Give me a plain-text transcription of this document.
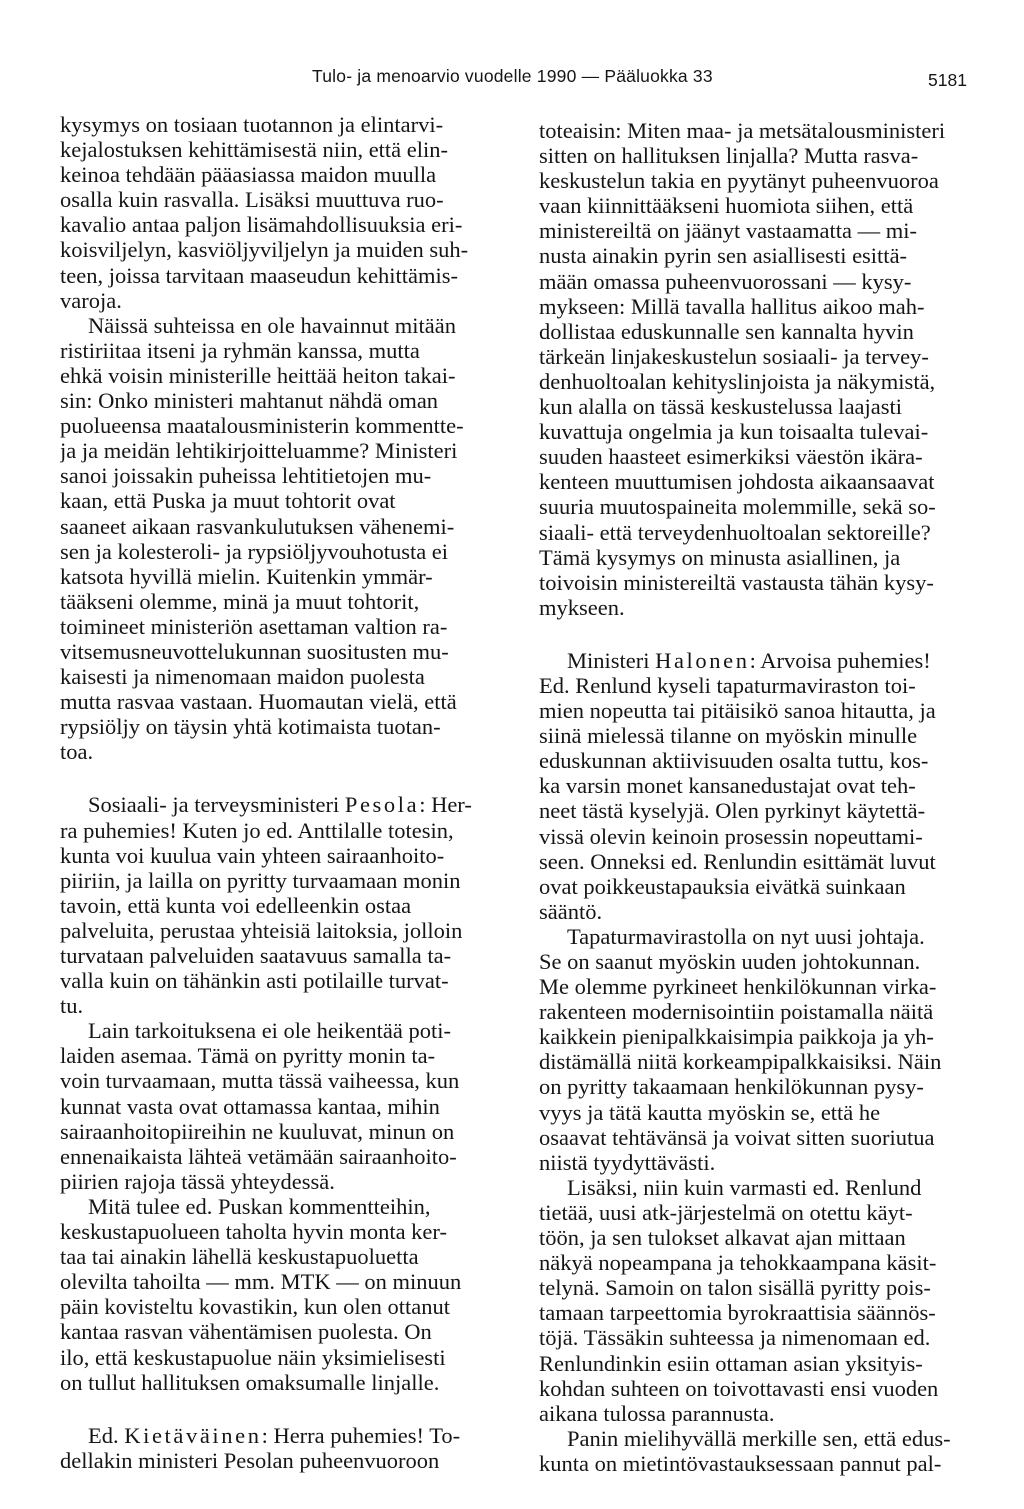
Tulo- ja menoarvio vuodelle 1990 — Pääluokka 33	5181
kysymys on tosiaan tuotannon ja elintarvi-
kejalostuksen kehittämisestä niin, että elin-
keinoa tehdään pääasiassa maidon muulla
osalla kuin rasvalla. Lisäksi muuttuva ruo-
kavalio antaa paljon lisämahdollisuuksia eri-
koisviljelyn, kasviöljyviljelyn ja muiden suh-
teen, joissa tarvitaan maaseudun kehittämis-
varoja.
Näissä suhteissa en ole havainnut mitään
ristiriitaa itseni ja ryhmän kanssa, mutta
ehkä voisin ministerille heittää heiton takai-
sin: Onko ministeri mahtanut nähdä oman
puolueensa maatalousministerin kommentte-
ja ja meidän lehtikirjoitteluamme? Ministeri
sanoi joissakin puheissa lehtitietojen mu-
kaan, että Puska ja muut tohtorit ovat
saaneet aikaan rasvankulutuksen vähenemi-
sen ja kolesteroli- ja rypsiöljyvouhotusta ei
katsota hyvillä mielin. Kuitenkin ymmär-
tääkseni olemme, minä ja muut tohtorit,
toimineet ministeriön asettaman valtion ra-
vitsemusneuvottelukunnan suositusten mu-
kaisesti ja nimenomaan maidon puolesta
mutta rasvaa vastaan. Huomautan vielä, että
rypsiöljy on täysin yhtä kotimaista tuotan-
toa.
Sosiaali- ja terveysministeri Pesola: Her-
ra puhemies! Kuten jo ed. Anttilalle totesin,
kunta voi kuulua vain yhteen sairaanhoito-
piiriin, ja lailla on pyritty turvaamaan monin
tavoin, että kunta voi edelleenkin ostaa
palveluita, perustaa yhteisiä laitoksia, jolloin
turvataan palveluiden saatavuus samalla ta-
valla kuin on tähänkin asti potilaille turvat-
tu.
Lain tarkoituksena ei ole heikentää poti-
laiden asemaa. Tämä on pyritty monin ta-
voin turvaamaan, mutta tässä vaiheessa, kun
kunnat vasta ovat ottamassa kantaa, mihin
sairaanhoitopiireihin ne kuuluvat, minun on
ennenaikaista lähteä vetämään sairaanhoito-
piirien rajoja tässä yhteydessä.
Mitä tulee ed. Puskan kommentteihin,
keskustapuolueen taholta hyvin monta ker-
taa tai ainakin lähellä keskustapuoluetta
olevilta tahoilta — mm. MTK — on minuun
päin kovisteltu kovastikin, kun olen ottanut
kantaa rasvan vähentämisen puolesta. On
ilo, että keskustapuolue näin yksimielisesti
on tullut hallituksen omaksumalle linjalle.
Ed. Kietäväinen: Herra puhemies! To-
dellakin ministeri Pesolan puheenvuoroon
toteaisin: Miten maa- ja metsätalousministeri
sitten on hallituksen linjalla? Mutta rasva-
keskustelun takia en pyytänyt puheenvuoroa
vaan kiinnittääkseni huomiota siihen, että
ministereiltä on jäänyt vastaamatta — mi-
nusta ainakin pyrin sen asiallisesti esittä-
mään omassa puheenvuorossani — kysy-
mykseen: Millä tavalla hallitus aikoo mah-
dollistaa eduskunnalle sen kannalta hyvin
tärkeän linjakeskustelun sosiaali- ja tervey-
denhuoltoalan kehityslinjoista ja näkymistä,
kun alalla on tässä keskustelussa laajasti
kuvattuja ongelmia ja kun toisaalta tulevai-
suuden haasteet esimerkiksi väestön ikära-
kenteen muuttumisen johdosta aikaansaavat
suuria muutospaineita molemmille, sekä so-
siaali- että terveydenhuoltoalan sektoreille?
Tämä kysymys on minusta asiallinen, ja
toivoisin ministereiltä vastausta tähän kysy-
mykseen.
Ministeri Halonen: Arvoisa puhemies!
Ed. Renlund kyseli tapaturmaviraston toi-
mien nopeutta tai pitäisikö sanoa hitautta, ja
siinä mielessä tilanne on myöskin minulle
eduskunnan aktiivisuuden osalta tuttu, kos-
ka varsin monet kansanedustajat ovat teh-
neet tästä kyselyjä. Olen pyrkinyt käytettä-
vissä olevin keinoin prosessin nopeuttami-
seen. Onneksi ed. Renlundin esittämät luvut
ovat poikkeustapauksia eivätkä suinkaan
sääntö.
Tapaturmavirastolla on nyt uusi johtaja.
Se on saanut myöskin uuden johtokunnan.
Me olemme pyrkineet henkilökunnan virka-
rakenteen modernisointiin poistamalla näitä
kaikkein pienipalkkaisimpia paikkoja ja yh-
distämällä niitä korkeampipalkkaisiksi. Näin
on pyritty takaamaan henkilökunnan pysy-
vyys ja tätä kautta myöskin se, että he
osaavat tehtävänsä ja voivat sitten suoriutua
niistä tyydyttävästi.
Lisäksi, niin kuin varmasti ed. Renlund
tietää, uusi atk-järjestelmä on otettu käyt-
töön, ja sen tulokset alkavat ajan mittaan
näkyä nopeampana ja tehokkaampana käsit-
telynä. Samoin on talon sisällä pyritty pois-
tamaan tarpeettomia byrokraattisia säännös-
töjä. Tässäkin suhteessa ja nimenomaan ed.
Renlundinkin esiin ottaman asian yksityis-
kohdan suhteen on toivottavasti ensi vuoden
aikana tulossa parannusta.
Panin mielihyvällä merkille sen, että edus-
kunta on mietintövastauksessaan pannut pal-
